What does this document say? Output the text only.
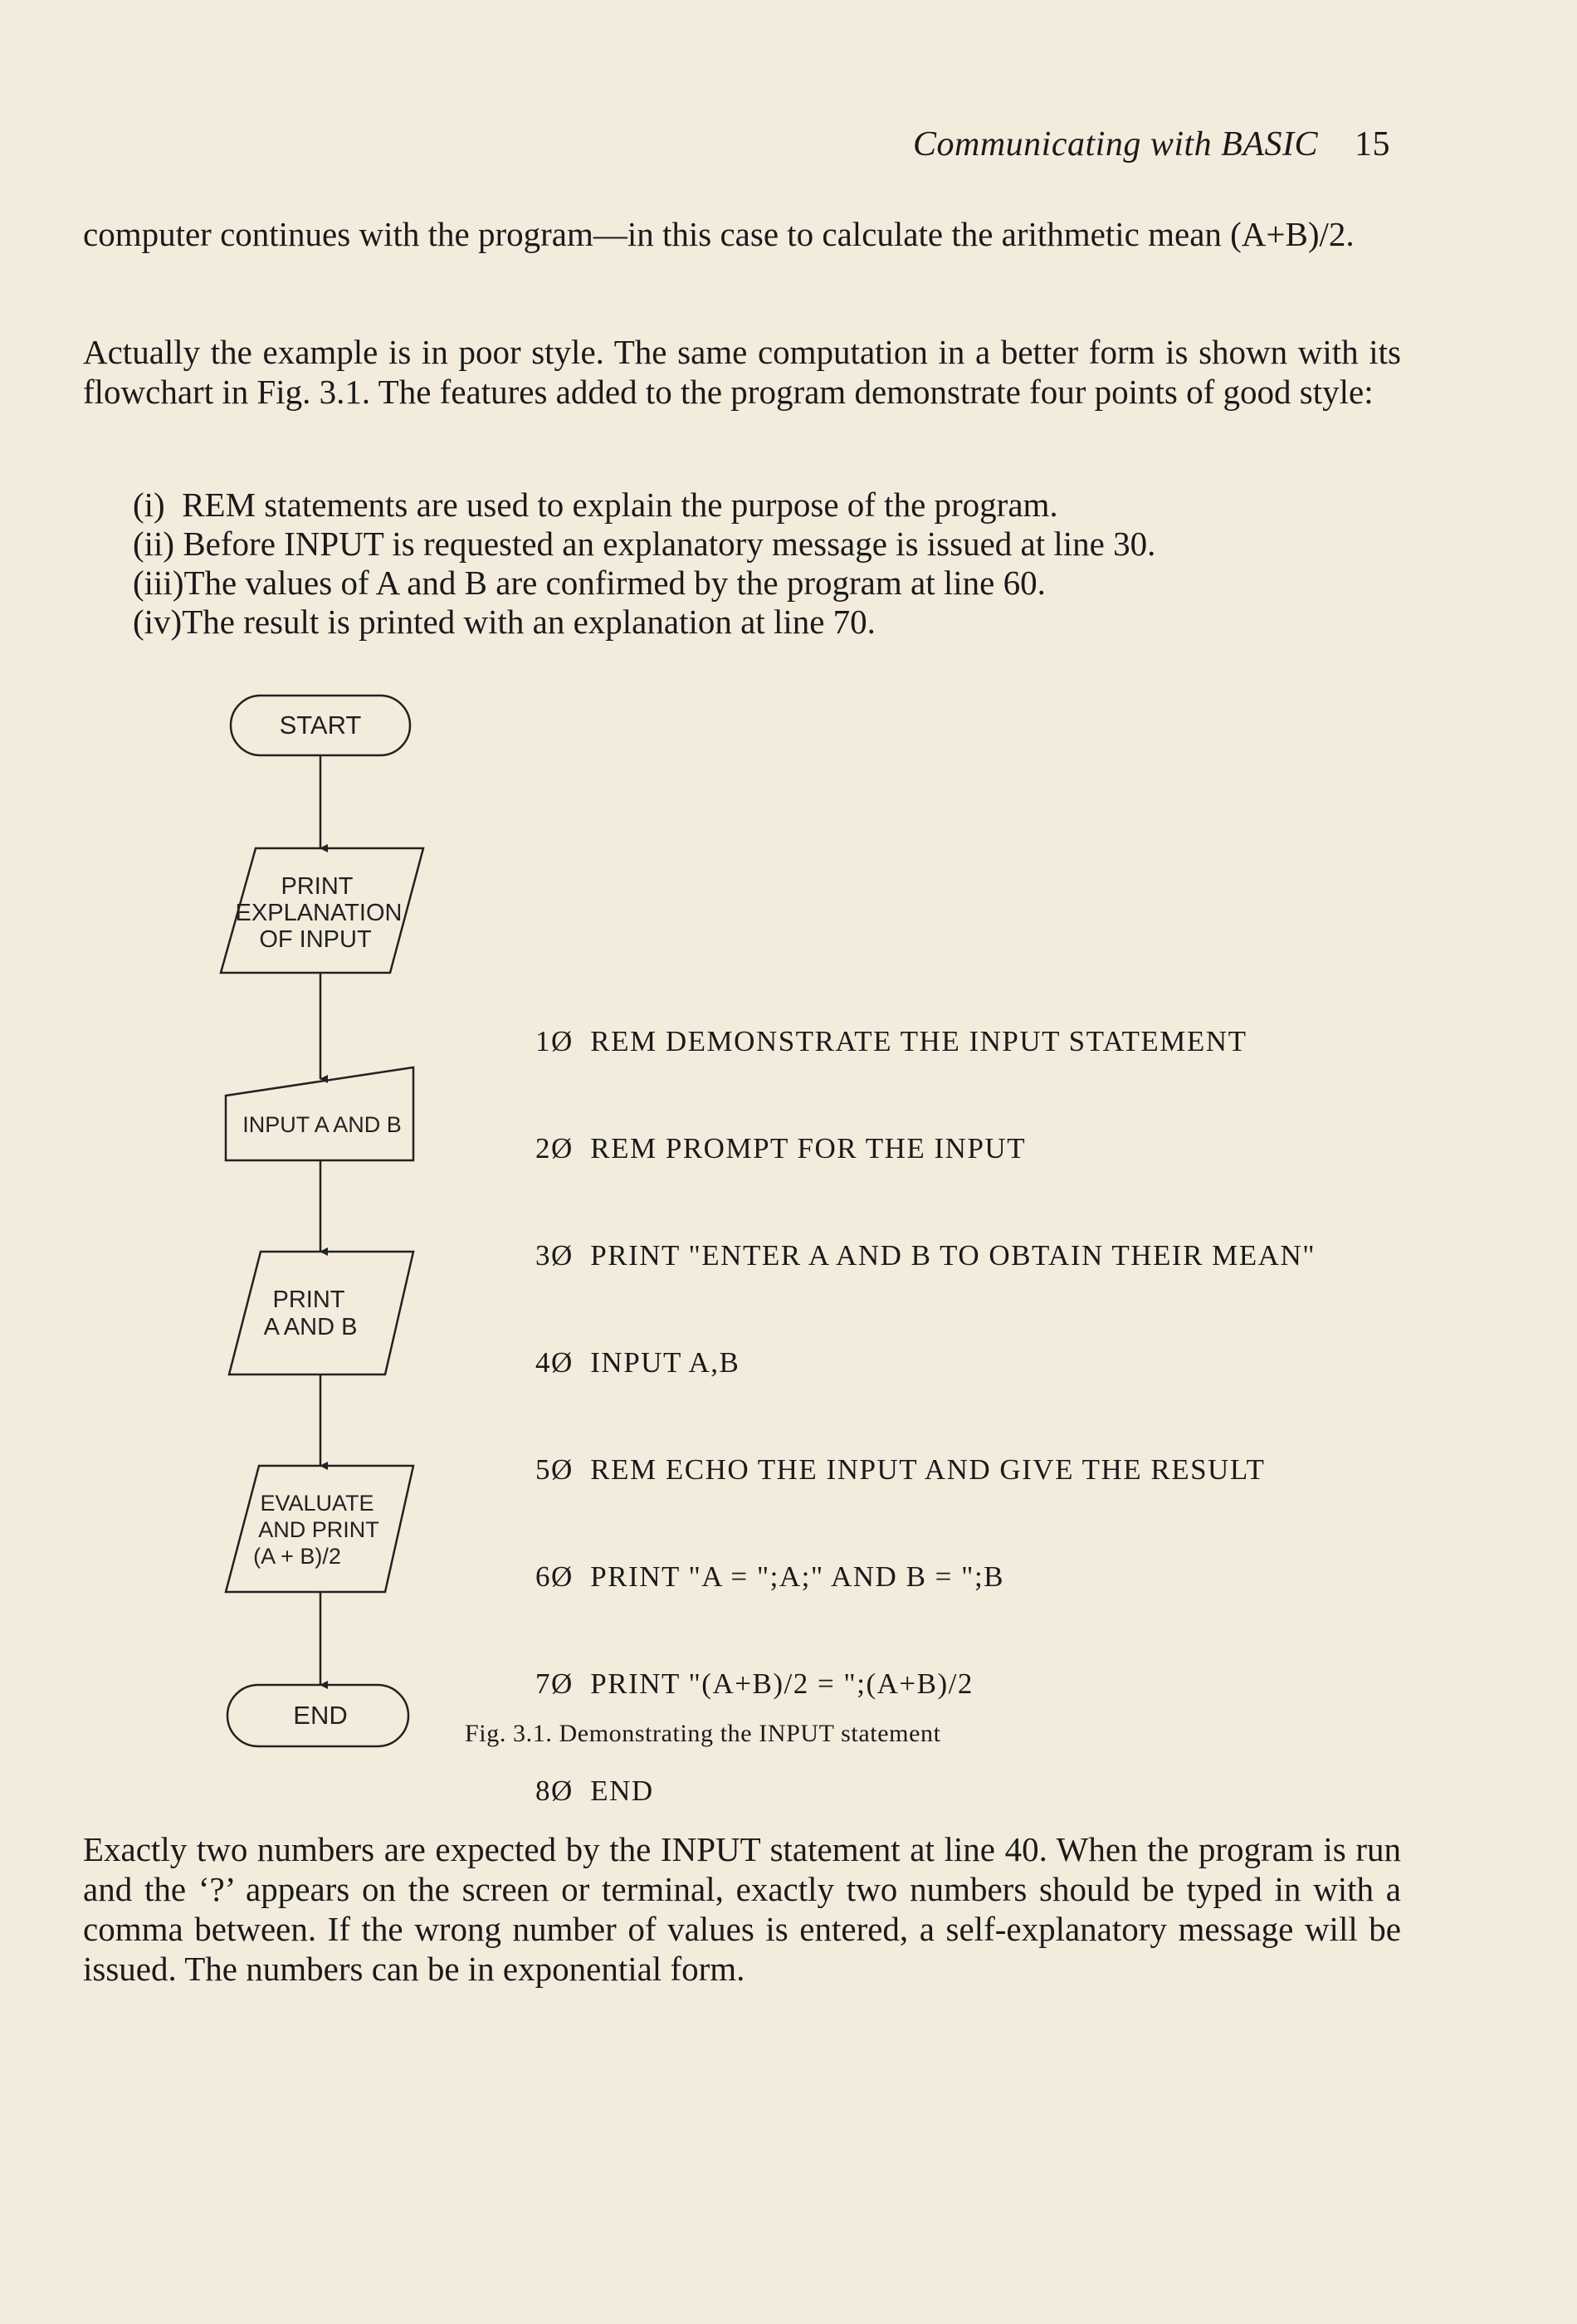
Communicating with BASIC 15

computer continues with the program—in this case to calculate the arithmetic mean (A+B)/2.

Actually the example is in poor style. The same computation in a better form is shown with its flowchart in Fig. 3.1. The features added to the program demonstrate four points of good style:

(i)  REM statements are used to explain the purpose of the program.
(ii) Before INPUT is requested an explanatory message is issued at line 30.
(iii)The values of A and B are confirmed by the program at line 60.
(iv)The result is printed with an explanation at line 70.
START
PRINT
EXPLANATION
OF INPUT
INPUT A AND B
PRINT
A AND B
EVALUATE
AND PRINT
(A + B)/2
END

1Ø  REM DEMONSTRATE THE INPUT STATEMENT

2Ø  REM PROMPT FOR THE INPUT

3Ø  PRINT "ENTER A AND B TO OBTAIN THEIR MEAN"

4Ø  INPUT A,B

5Ø  REM ECHO THE INPUT AND GIVE THE RESULT

6Ø  PRINT "A = ";A;" AND B = ";B

7Ø  PRINT "(A+B)/2 = ";(A+B)/2

8Ø  END

Fig. 3.1. Demonstrating the INPUT statement

Exactly two numbers are expected by the INPUT statement at line 40. When the program is run and the ‘?’ appears on the screen or terminal, exactly two numbers should be typed in with a comma between. If the wrong number of values is entered, a self-explanatory message will be issued. The numbers can be in exponential form.
